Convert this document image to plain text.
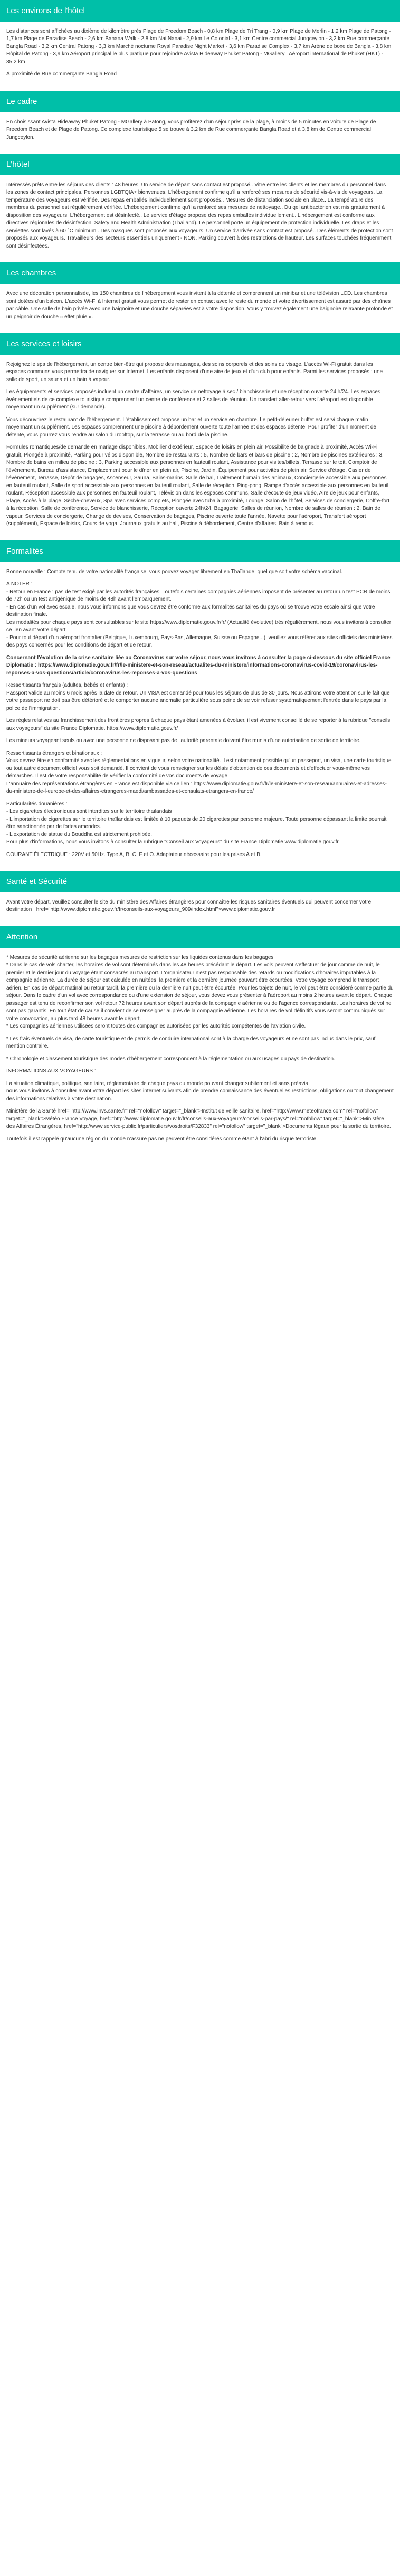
Les environs de l'hôtel

Les distances sont affichées au dixième de kilomètre près Plage de Freedom Beach - 0,8 km Plage de Tri Trang - 0,9 km Plage de Merlin - 1,2 km Plage de Patong - 1,7 km Plage de Paradise Beach - 2,6 km Banana Walk - 2,8 km Nai Nanai - 2,9 km Le Colonial - 3,1 km Centre commercial Jungceylon - 3,2 km Rue commerçante Bangla Road - 3,2 km Central Patong - 3,3 km Marché nocturne Royal Paradise Night Market - 3,6 km Paradise Complex - 3,7 km Arène de boxe de Bangla - 3,8 km Hôpital de Patong - 3,9 km Aéroport principal le plus pratique pour rejoindre Avista Hideaway Phuket Patong - MGallery : Aéroport international de Phuket (HKT) - 35,2 km

À proximité de Rue commerçante Bangla Road

Le cadre

En choisissant Avista Hideaway Phuket Patong - MGallery à Patong, vous profiterez d'un séjour près de la plage, à moins de 5 minutes en voiture de Plage de Freedom Beach et de Plage de Patong. Ce complexe touristique 5 se trouve à 3,2 km de Rue commerçante Bangla Road et à 3,8 km de Centre commercial Jungceylon.

L'hôtel

Intéressés prêts entre les séjours des clients : 48 heures. Un service de départ sans contact est proposé.. Vitre entre les clients et les membres du personnel dans les zones de contact principales. Personnes LGBTQIA+ bienvenues. L'hébergement confirme qu'il a renforcé ses mesures de sécurité vis-à-vis de voyageurs. La température des voyageurs est vérifiée. Des repas emballés individuellement sont proposés.. Mesures de distanciation sociale en place.. La température des membres du personnel est régulièrement vérifiée. L'hébergement confirme qu'il a renforcé ses mesures de nettoyage.. Du gel antibactérien est mis gratuitement à disposition des voyageurs. L'hébergement est désinfecté.. Le service d'étage propose des repas emballés individuellement.. L'hébergement est conforme aux directives régionales de désinfection. Safety and Health Administration (Thailand). Le personnel porte un équipement de protection individuelle. Les draps et les serviettes sont lavés à 60 °C minimum.. Des masques sont proposés aux voyageurs. Un service d'arrivée sans contact est proposé.. Des éléments de protection sont proposés aux voyageurs. Travailleurs des secteurs essentiels uniquement - NON. Parking couvert à des restrictions de hauteur. Les surfaces touchées fréquemment sont désinfectées.

Les chambres

Avec une décoration personnalisée, les 150 chambres de l'hébergement vous invitent à la détente et comprennent un minibar et une télévision LCD. Les chambres sont dotées d'un balcon. L'accès Wi-Fi à Internet gratuit vous permet de rester en contact avec le reste du monde et votre divertissement est assuré par des chaînes par câble. Une salle de bain privée avec une baignoire et une douche séparées est à votre disposition. Vous y trouvez également une baignoire relaxante profonde et un peignoir de douche « effet pluie ».

Les services et loisirs

Rejoignez le spa de l'hébergement, un centre bien-être qui propose des massages, des soins corporels et des soins du visage. L'accès Wi-Fi gratuit dans les espaces communs vous permettra de naviguer sur Internet. Les enfants disposent d'une aire de jeux et d'un club pour enfants. Parmi les services proposés : une salle de sport, un sauna et un bain à vapeur.

Les équipements et services proposés incluent un centre d'affaires, un service de nettoyage à sec / blanchisserie et une réception ouverte 24 h/24. Les espaces événementiels de ce complexe touristique comprennent un centre de conférence et 2 salles de réunion. Un transfert aller-retour vers l'aéroport est disponible moyennant un supplément (sur demande).

Vous découvrirez le restaurant de l'hébergement. L'établissement propose un bar et un service en chambre. Le petit-déjeuner buffet est servi chaque matin moyennant un supplément. Les espaces comprennent une piscine à débordement ouverte toute l'année et des espaces détente. Pour profiter d'un moment de détente, vous pourrez vous rendre au salon du rooftop, sur la terrasse ou au bord de la piscine.

Formules romantiques/de demande en mariage disponibles, Mobilier d'extérieur, Espace de loisirs en plein air, Possibilité de baignade à proximité, Accès Wi-Fi gratuit, Plongée à proximité, Parking pour vélos disponible, Nombre de restaurants : 5, Nombre de bars et bars de piscine : 2, Nombre de piscines extérieures : 3, Nombre de bains en milieu de piscine : 3, Parking accessible aux personnes en fauteuil roulant, Assistance pour visites/billets, Terrasse sur le toit, Comptoir de l'événement, Bureau d'assistance, Emplacement pour le dîner en plein air, Piscine, Jardin, Équipement pour activités de plein air, Service d'étage, Casier de l'événement, Terrasse, Dépôt de bagages, Ascenseur, Sauna, Bains-marins, Salle de bal, Traitement humain des animaux, Conciergerie accessible aux personnes en fauteuil roulant, Salle de sport accessible aux personnes en fauteuil roulant, Salle de réception, Ping-pong, Rampe d'accès accessible aux personnes en fauteuil roulant, Réception accessible aux personnes en fauteuil roulant, Télévision dans les espaces communs, Salle d'écoute de jeux vidéo, Aire de jeux pour enfants, Plage, Accès à la plage, Sèche-cheveux, Spa avec services complets, Plongée avec tuba à proximité, Lounge, Salon de l'hôtel, Services de conciergerie, Coffre-fort à la réception, Salle de conférence, Service de blanchisserie, Réception ouverte 24h/24, Bagagerie, Salles de réunion, Nombre de salles de réunion : 2, Bain de vapeur, Services de conciergerie, Change de devises, Conservation de bagages, Piscine ouverte toute l'année, Navette pour l'aéroport, Transfert aéroport (supplément), Espace de loisirs, Cours de yoga, Journaux gratuits au hall, Piscine à débordement, Centre d'affaires, Bain à remous.

Formalités

Bonne nouvelle : Compte tenu de votre nationalité française, vous pouvez voyager librement en Thaïlande, quel que soit votre schéma vaccinal.

A NOTER :
- Retour en France : pas de test exigé par les autorités françaises. Toutefois certaines compagnies aériennes imposent de présenter au retour un test PCR de moins de 72h ou un test antigénique de moins de 48h avant l'embarquement.
- En cas d'un vol avec escale, nous vous informons que vous devrez être conforme aux formalités sanitaires du pays où se trouve votre escale ainsi que votre destination finale.
Les modalités pour chaque pays sont consultables sur le site https://www.diplomatie.gouv.fr/fr/ (Actualité évolutive) très régulièrement, nous vous invitons à consulter ce lien avant votre départ.
- Pour tout départ d'un aéroport frontalier (Belgique, Luxembourg, Pays-Bas, Allemagne, Suisse ou Espagne...), veuillez vous référer aux sites officiels des ministères des pays concernés pour les conditions de départ et de retour.

Concernant l'évolution de la crise sanitaire liée au Coronavirus sur votre séjour, nous vous invitons à consulter la page ci-dessous du site officiel France Diplomatie : https://www.diplomatie.gouv.fr/fr/le-ministere-et-son-reseau/actualites-du-ministere/informations-coronavirus-covid-19/coronavirus-les-reponses-a-vos-questions/article/coronavirus-les-reponses-a-vos-questions

Ressortissants français (adultes, bébés et enfants) :
Passport valide au moins 6 mois après la date de retour. Un VISA est demandé pour tous les séjours de plus de 30 jours. Nous attirons votre attention sur le fait que votre passeport ne doit pas être détérioré et le comporter aucune anomalie particulière sous peine de se voir refuser systématiquement l'entrée dans le pays par la police de l'immigration.

Les règles relatives au franchissement des frontières propres à chaque pays étant amenées à évoluer, il est vivement conseillé de se reporter à la rubrique "conseils aux voyageurs" du site France Diplomatie. https://www.diplomatie.gouv.fr/

Les mineurs voyageant seuls ou avec une personne ne disposant pas de l'autorité parentale doivent être munis d'une autorisation de sortie de territoire.

Ressortissants étrangers et binationaux :
Vous devrez être en conformité avec les réglementations en vigueur, selon votre nationalité. Il est notamment possible qu'un passeport, un visa, une carte touristique ou tout autre document officiel vous soit demandé. Il convient de vous renseigner sur les délais d'obtention de ces documents et d'effectuer vous-même vos démarches. Il est de votre responsabilité de vérifier la conformité de vos documents de voyage.
L'annuaire des représentations étrangères en France est disponible via ce lien : https://www.diplomatie.gouv.fr/fr/le-ministere-et-son-reseau/annuaires-et-adresses-du-ministere-de-l-europe-et-des-affaires-etrangeres-maedi/ambassades-et-consulats-etrangers-en-france/

Particularités douanières :
- Les cigarettes électroniques sont interdites sur le territoire thaïlandais
- L'importation de cigarettes sur le territoire thaïlandais est limitée à 10 paquets de 20 cigarettes par personne majeure. Toute personne dépassant la limite pourrait être sanctionnée par de fortes amendes.
- L'exportation de statue du Bouddha est strictement prohibée.
Pour plus d'informations, nous vous invitons à consulter la rubrique "Conseil aux Voyageurs" du site France Diplomatie www.diplomatie.gouv.fr

COURANT ÉLECTRIQUE : 220V et 50Hz. Type A, B, C, F et O. Adaptateur nécessaire pour les prises A et B.

Santé et Sécurité

Avant votre départ, veuillez consulter le site du ministère des Affaires étrangères pour connaître les risques sanitaires éventuels qui peuvent concerner votre destination : href="http://www.diplomatie.gouv.fr/fr/conseils-aux-voyageurs_909/index.html">www.diplomatie.gouv.fr

Attention

* Mesures de sécurité aérienne sur les bagages mesures de restriction sur les liquides contenus dans les bagages
* Dans le cas de vols charter, les horaires de vol sont déterminés dans les 48 heures précédant le départ. Les vols peuvent s'effectuer de jour comme de nuit, le premier et le dernier jour du voyage étant consacrés au transport. L'organisateur n'est pas responsable des retards ou modifications d'horaires imputables à la compagnie aérienne. La durée de séjour est calculée en nuitées, la première et la dernière journée pouvant être écourtées. Votre voyage comprend le transport aérien. En cas de départ matinal ou retour tardif, la première ou la dernière nuit peut être écourtée. Pour les trajets de nuit, le vol peut être considéré comme partie du séjour. Dans le cadre d'un vol avec correspondance ou d'une extension de séjour, vous devez vous présenter à l'aéroport au moins 2 heures avant le départ. Chaque passager est tenu de reconfirmer son vol retour 72 heures avant son départ auprès de la compagnie aérienne ou de l'agence correspondante. Les horaires de vol ne sont pas garantis. En tout état de cause il convient de se renseigner auprès de la compagnie aérienne. Les horaires de vol définitifs vous seront communiqués sur votre convocation, au plus tard 48 heures avant le départ.
* Les compagnies aériennes utilisées seront toutes des compagnies autorisées par les autorités compétentes de l'aviation civile.

* Les frais éventuels de visa, de carte touristique et de permis de conduire international sont à la charge des voyageurs et ne sont pas inclus dans le prix, sauf mention contraire.

* Chronologie et classement touristique des modes d'hébergement correspondent à la réglementation ou aux usages du pays de destination.

INFORMATIONS AUX VOYAGEURS :

La situation climatique, politique, sanitaire, réglementaire de chaque pays du monde pouvant changer subitement et sans préavis
nous vous invitons à consulter avant votre départ les sites internet suivants afin de prendre connaissance des éventuelles restrictions, obligations ou tout changement des informations relatives à votre destination.

Ministère de la Santé href="http://www.invs.sante.fr" rel="nofollow" target="_blank">Institut de veille sanitaire, href="http://www.meteofrance.com" rel="nofollow" target="_blank">Météo France Voyage, href="http://www.diplomatie.gouv.fr/fr/conseils-aux-voyageurs/conseils-par-pays/" rel="nofollow" target="_blank">Ministère des Affaires Étrangères, href="http://www.service-public.fr/particuliers/vosdroits/F32833" rel="nofollow" target="_blank">Documents légaux pour la sortie du territoire.

Toutefois il est rappelé qu'aucune région du monde n'assure pas ne peuvent être considérés comme étant à l'abri du risque terroriste.
